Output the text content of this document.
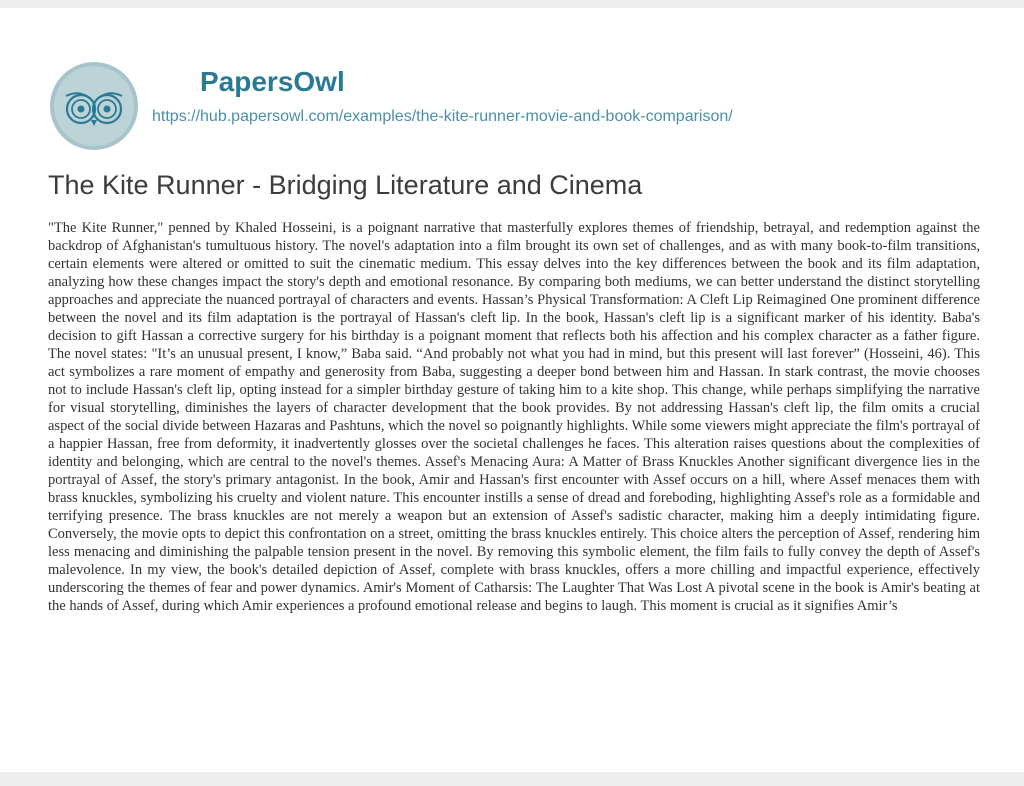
PapersOwl
https://hub.papersowl.com/examples/the-kite-runner-movie-and-book-comparison/
The Kite Runner - Bridging Literature and Cinema

"The Kite Runner," penned by Khaled Hosseini, is a poignant narrative that masterfully explores themes of friendship, betrayal, and redemption against the backdrop of Afghanistan's tumultuous history. The novel's adaptation into a film brought its own set of challenges, and as with many book-to-film transitions, certain elements were altered or omitted to suit the cinematic medium. This essay delves into the key differences between the book and its film adaptation, analyzing how these changes impact the story's depth and emotional resonance. By comparing both mediums, we can better understand the distinct storytelling approaches and appreciate the nuanced portrayal of characters and events. Hassan’s Physical Transformation: A Cleft Lip Reimagined One prominent difference between the novel and its film adaptation is the portrayal of Hassan's cleft lip. In the book, Hassan's cleft lip is a significant marker of his identity. Baba's decision to gift Hassan a corrective surgery for his birthday is a poignant moment that reflects both his affection and his complex character as a father figure. The novel states: "It’s an unusual present, I know,” Baba said. “And probably not what you had in mind, but this present will last forever” (Hosseini, 46). This act symbolizes a rare moment of empathy and generosity from Baba, suggesting a deeper bond between him and Hassan. In stark contrast, the movie chooses not to include Hassan's cleft lip, opting instead for a simpler birthday gesture of taking him to a kite shop. This change, while perhaps simplifying the narrative for visual storytelling, diminishes the layers of character development that the book provides. By not addressing Hassan's cleft lip, the film omits a crucial aspect of the social divide between Hazaras and Pashtuns, which the novel so poignantly highlights. While some viewers might appreciate the film's portrayal of a happier Hassan, free from deformity, it inadvertently glosses over the societal challenges he faces. This alteration raises questions about the complexities of identity and belonging, which are central to the novel's themes. Assef's Menacing Aura: A Matter of Brass Knuckles Another significant divergence lies in the portrayal of Assef, the story's primary antagonist. In the book, Amir and Hassan's first encounter with Assef occurs on a hill, where Assef menaces them with brass knuckles, symbolizing his cruelty and violent nature. This encounter instills a sense of dread and foreboding, highlighting Assef's role as a formidable and terrifying presence. The brass knuckles are not merely a weapon but an extension of Assef's sadistic character, making him a deeply intimidating figure. Conversely, the movie opts to depict this confrontation on a street, omitting the brass knuckles entirely. This choice alters the perception of Assef, rendering him less menacing and diminishing the palpable tension present in the novel. By removing this symbolic element, the film fails to fully convey the depth of Assef's malevolence. In my view, the book's detailed depiction of Assef, complete with brass knuckles, offers a more chilling and impactful experience, effectively underscoring the themes of fear and power dynamics. Amir's Moment of Catharsis: The Laughter That Was Lost A pivotal scene in the book is Amir's beating at the hands of Assef, during which Amir experiences a profound emotional release and begins to laugh. This moment is crucial as it signifies Amir’s
